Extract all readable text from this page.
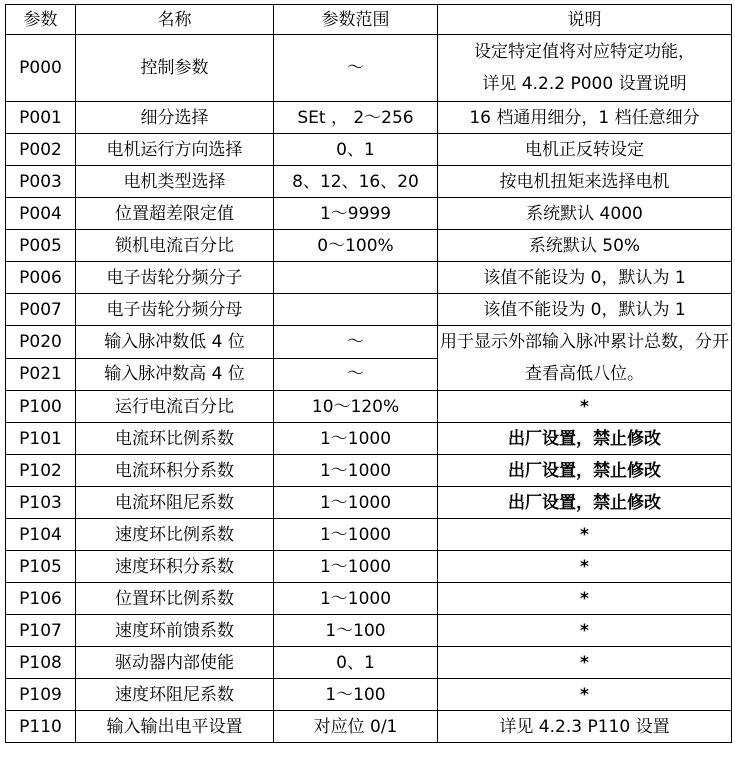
参数	名称	参数范围	说明
P000	控制参数	～	设定特定值将对应特定功能，
详见 4.2.2 P000 设置说明

P001	细分选择	SEt ， 2～256	16 档通用细分，1 档任意细分
P002	电机运行方向选择	0、1	电机正反转设定
P003	电机类型选择	8、12、16、20	按电机扭矩来选择电机
P004	位置超差限定值	1～9999	系统默认 4000
P005	锁机电流百分比	0～100%	系统默认 50%
P006	电子齿轮分频分子		该值不能设为 0，默认为 1
P007	电子齿轮分频分母		该值不能设为 0，默认为 1
P020	输入脉冲数低 4 位	～	用于显示外部输入脉冲累计总数，分开查看高低八位。
P021	输入脉冲数高 4 位	～	
P100	运行电流百分比	10～120%	*
P101	电流环比例系数	1～1000	出厂设置，禁止修改
P102	电流环积分系数	1～1000	出厂设置，禁止修改
P103	电流环阻尼系数	1～1000	出厂设置，禁止修改
P104	速度环比例系数	1～1000	*
P105	速度环积分系数	1～1000	*
P106	位置环比例系数	1～1000	*
P107	速度环前馈系数	1～100	*
P108	驱动器内部使能	0、1	*
P109	速度环阻尼系数	1～100	*
P110	输入输出电平设置	对应位 0/1	详见 4.2.3 P110 设置
